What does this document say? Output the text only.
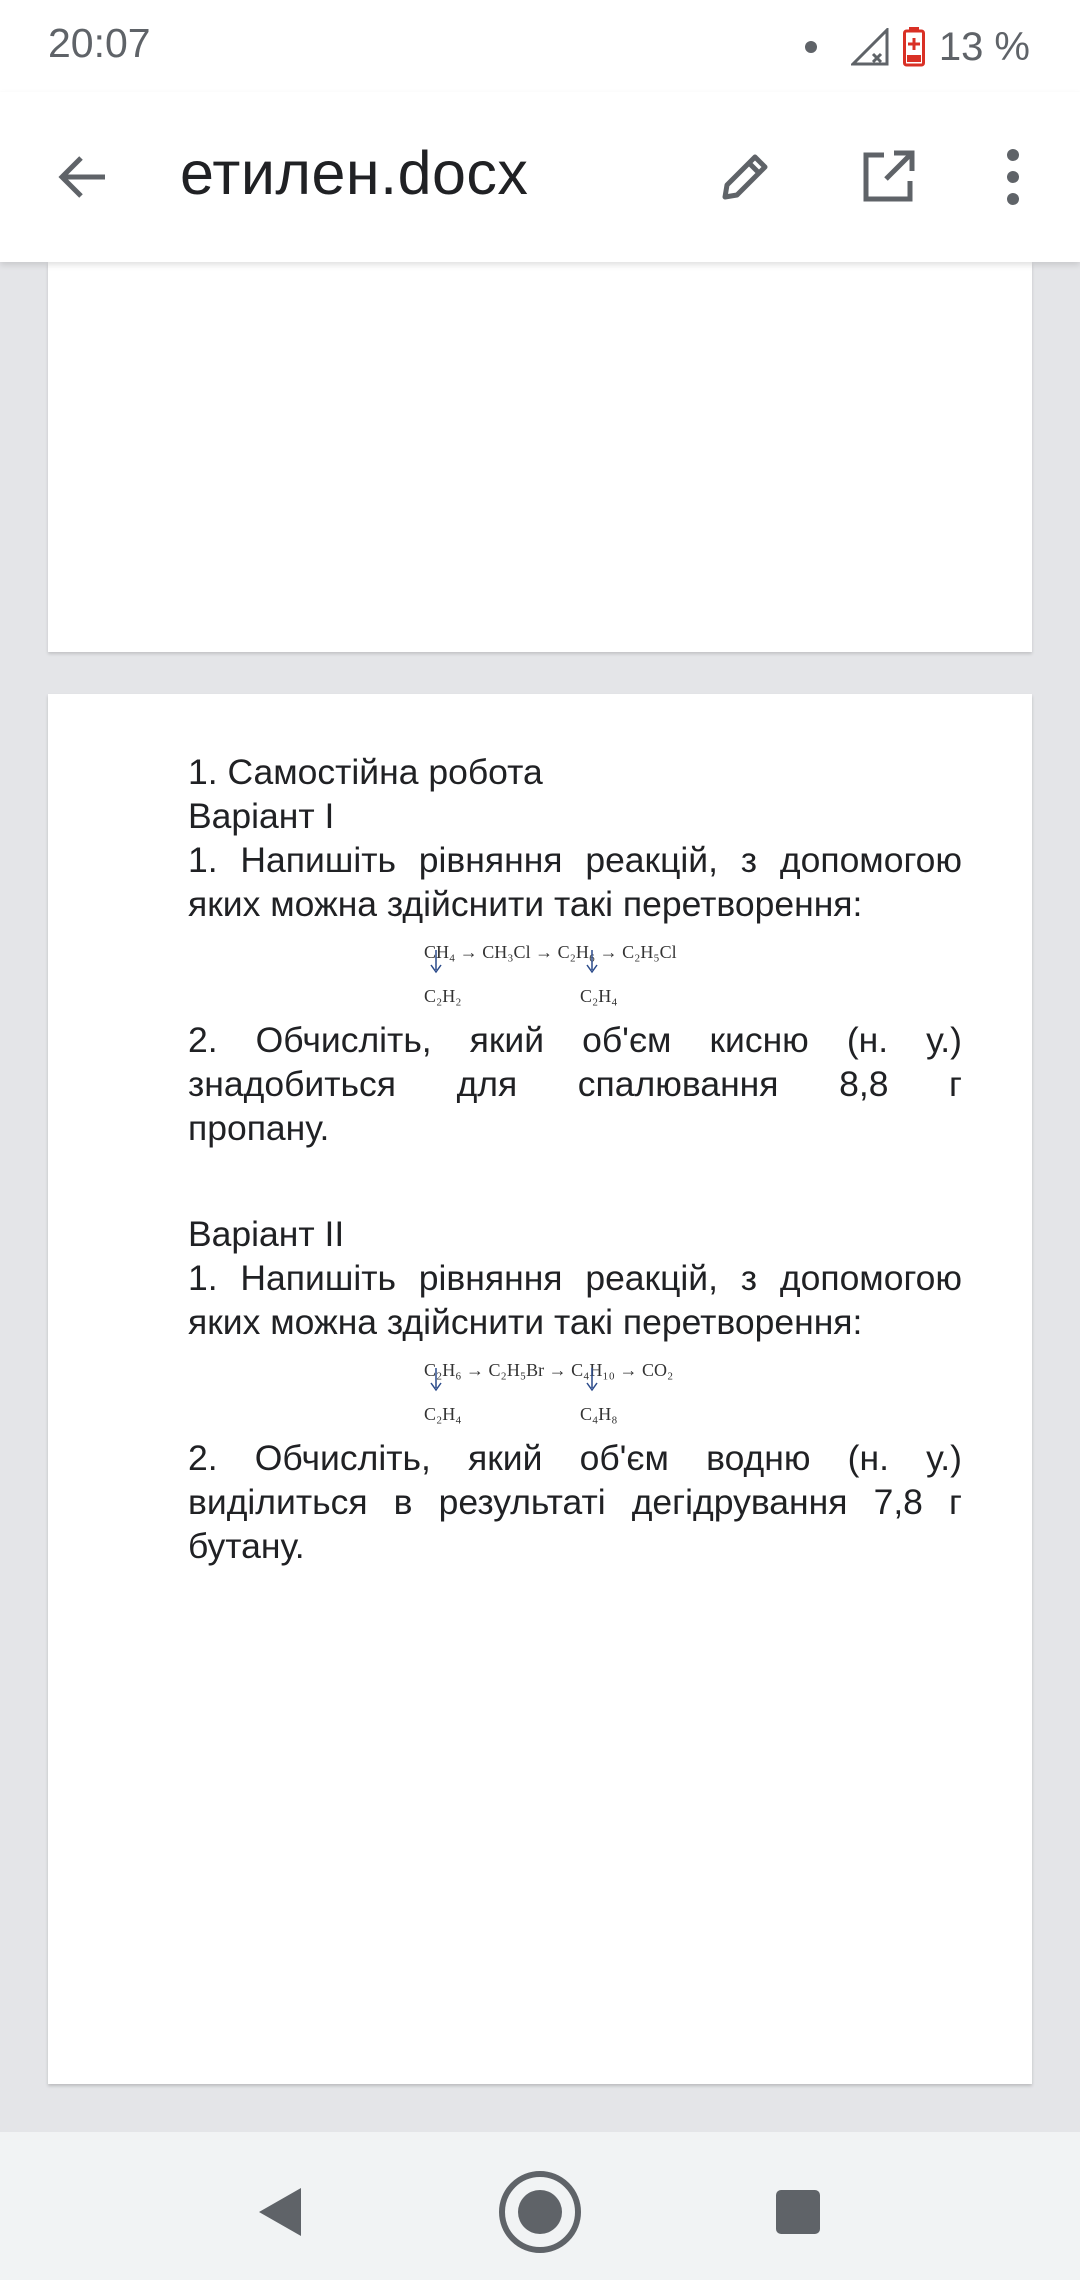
20:07	13 %
етилен.docx
1. Самостійна робота
Варіант I
1. Напишіть рівняння реакцій, з допомогою
яких можна здійснити такі перетворення:
CH₄ → CH₃Cl → C₂H₆ → C₂H₅Cl
C₂H₂	C₂H₄
2. Обчисліть, який об'єм кисню (н. у.)
знадобиться для спалювання 8,8 г
пропану.
Варіант II
1. Напишіть рівняння реакцій, з допомогою
яких можна здійснити такі перетворення:
C₂H₆ → C₂H₅Br → C₄H₁₀ → CO₂
C₂H₄	C₄H₈
2. Обчисліть, який об'єм водню (н. у.)
виділиться в результаті дегідрування 7,8 г
бутану.
